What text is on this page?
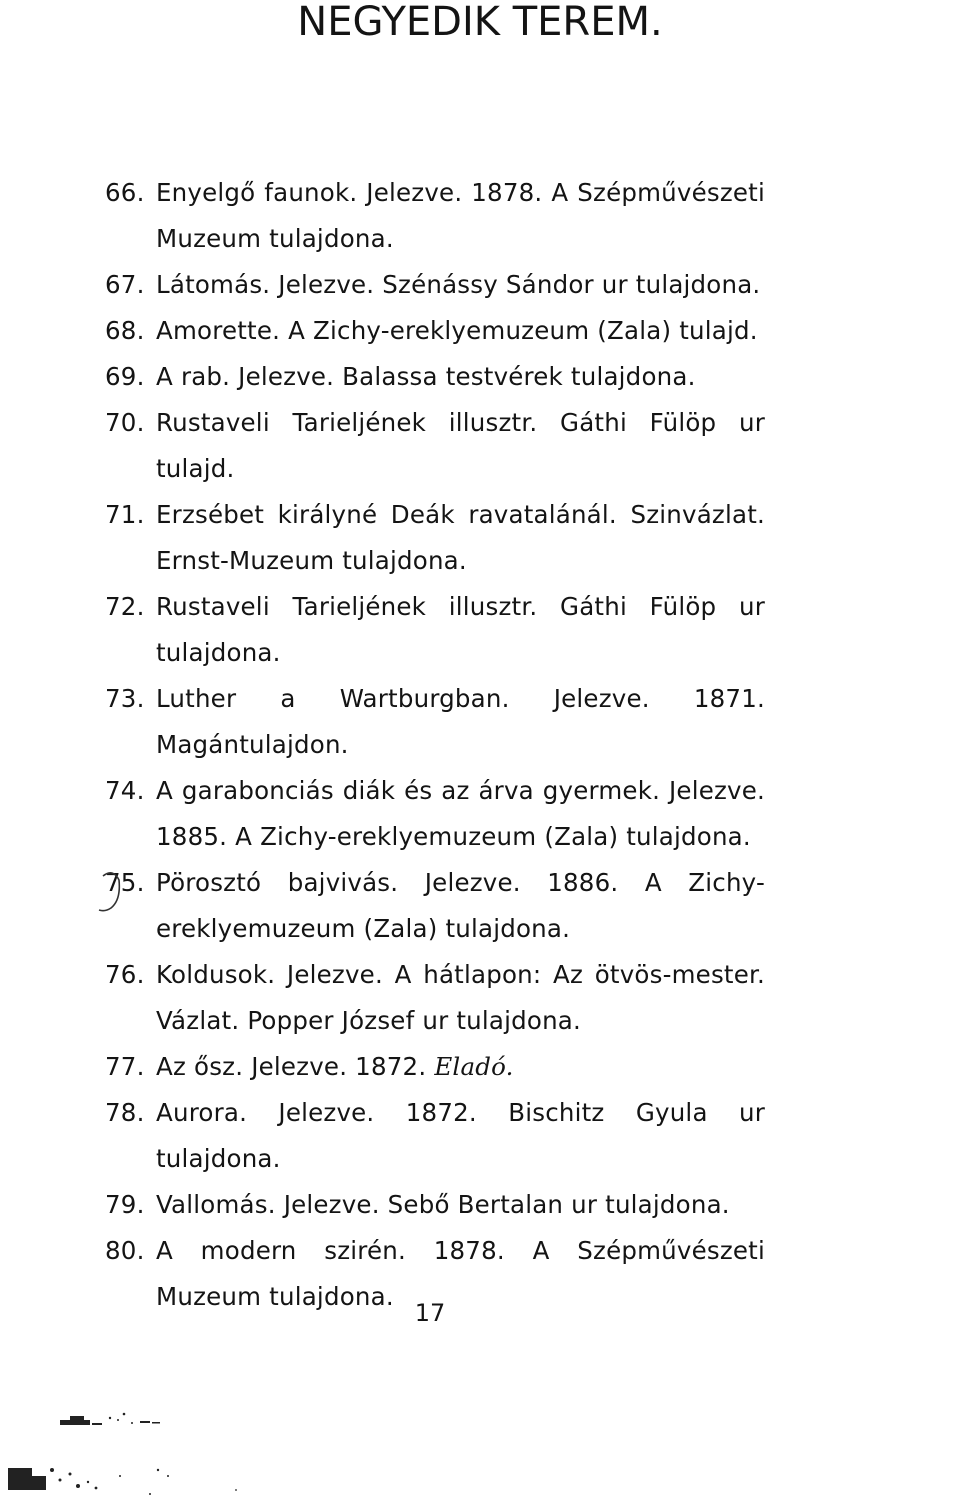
NEGYEDIK TEREM.
66. Enyelgő faunok. Jelezve. 1878. A Szépművészeti Muzeum tulajdona.
67. Látomás. Jelezve. Szénássy Sándor ur tulajdona.
68. Amorette. A Zichy-ereklyemuzeum (Zala) tulajd.
69. A rab. Jelezve. Balassa testvérek tulajdona.
70. Rustaveli Tarieljének illusztr. Gáthi Fülöp ur tulajd.
71. Erzsébet királyné Deák ravatalánál. Szinvázlat. Ernst-Muzeum tulajdona.
72. Rustaveli Tarieljének illusztr. Gáthi Fülöp ur tulajdona.
73. Luther a Wartburgban. Jelezve. 1871. Magántulajdon.
74. A garabonciás diák és az árva gyermek. Jelezve. 1885. A Zichy-ereklyemuzeum (Zala) tulajdona.
75. Pörosztó bajvivás. Jelezve. 1886. A Zichy-ereklyemuzeum (Zala) tulajdona.
76. Koldusok. Jelezve. A hátlapon: Az ötvös-mester. Vázlat. Popper József ur tulajdona.
77. Az ősz. Jelezve. 1872. Eladó.
78. Aurora. Jelezve. 1872. Bischitz Gyula ur tulajdona.
79. Vallomás. Jelezve. Sebő Bertalan ur tulajdona.
80. A modern szirén. 1878. A Szépművészeti Muzeum tulajdona.
17
